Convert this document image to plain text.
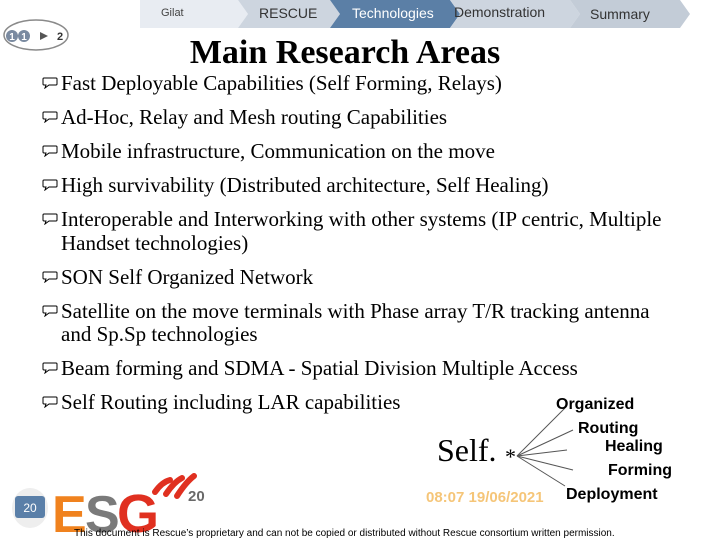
Gilat	RESCUE Technologies Demonstration	Summary
1 1	2	Main Research Areas
Fast Deployable Capabilities (Self Forming, Relays)
Ad-Hoc, Relay and Mesh routing Capabilities
Mobile infrastructure, Communication on the move
High survivability (Distributed architecture, Self Healing)
Interoperable and Interworking with other systems (IP centric, Multiple Handset technologies)
SON Self Organized Network
Satellite on the move terminals with Phase array T/R tracking antenna and Sp.Sp technologies
Beam forming and SDMA - Spatial Division Multiple Access
Self Routing including LAR capabilities
Self. *
Organized
Routing
Healing
Forming
Deployment
E
S
G
20
20	08:07 19/06/2021
This document is Rescue’s proprietary and can not be copied or distributed without Rescue consortium written permission.
